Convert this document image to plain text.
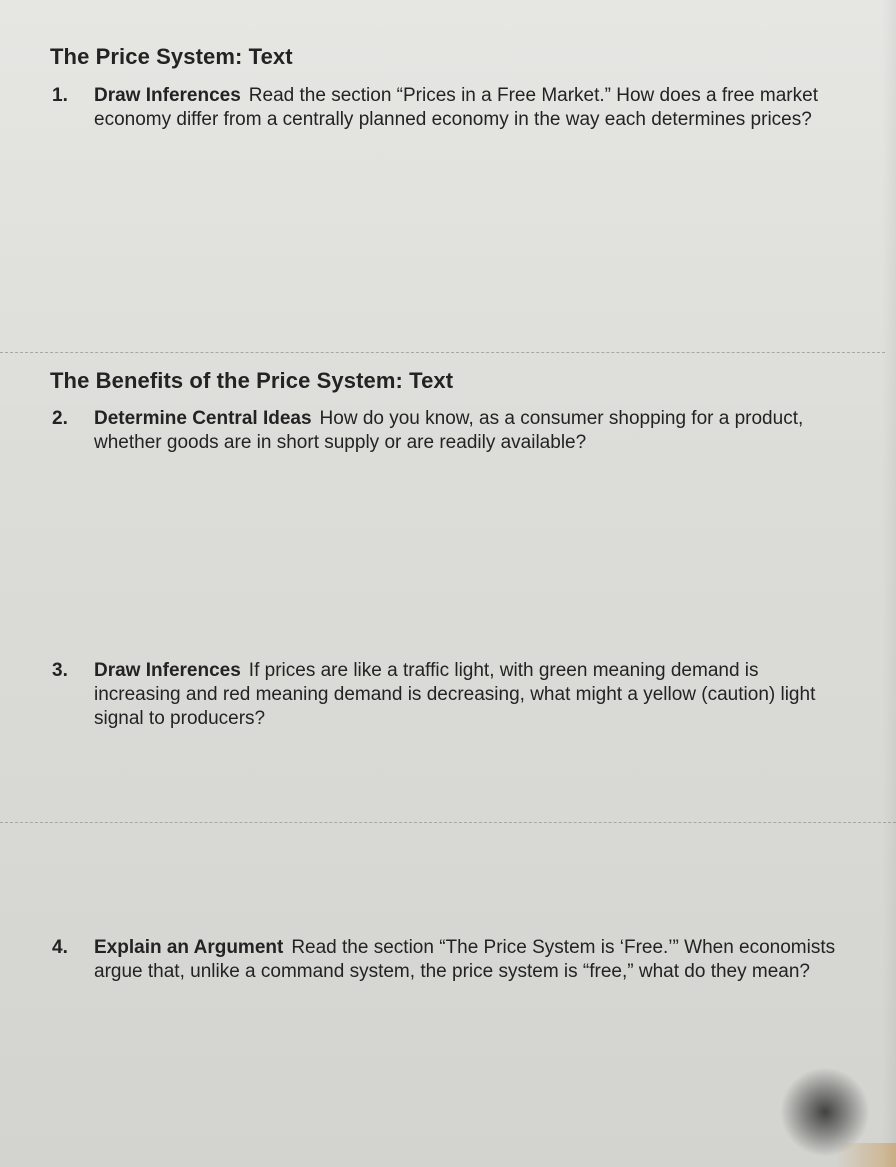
The Price System: Text
1. Draw Inferences Read the section “Prices in a Free Market.” How does a free market economy differ from a centrally planned economy in the way each determines prices?
The Benefits of the Price System: Text
2. Determine Central Ideas How do you know, as a consumer shopping for a product, whether goods are in short supply or are readily available?
3. Draw Inferences If prices are like a traffic light, with green meaning demand is increasing and red meaning demand is decreasing, what might a yellow (caution) light signal to producers?
4. Explain an Argument Read the section “The Price System is ‘Free.’” When economists argue that, unlike a command system, the price system is “free,” what do they mean?
